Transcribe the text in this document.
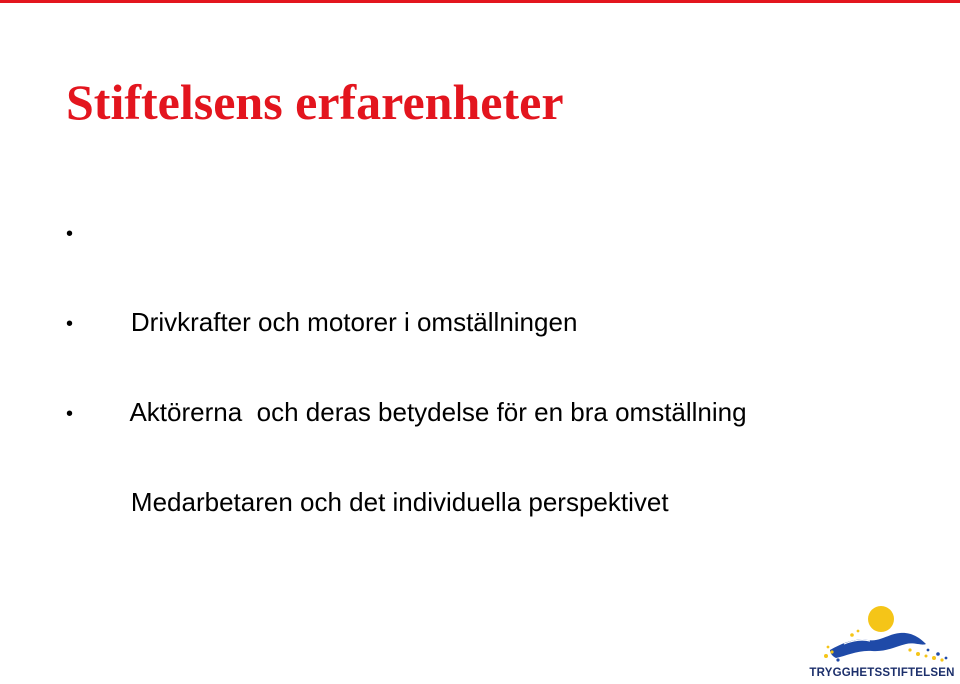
Stiftelsens erfarenheter

•

Drivkrafter och motorer i omställningen

•

Aktörerna  och deras betydelse för en bra omställning

•

Medarbetaren och det individuella perspektivet

TRYGGHETSSTIFTELSEN
